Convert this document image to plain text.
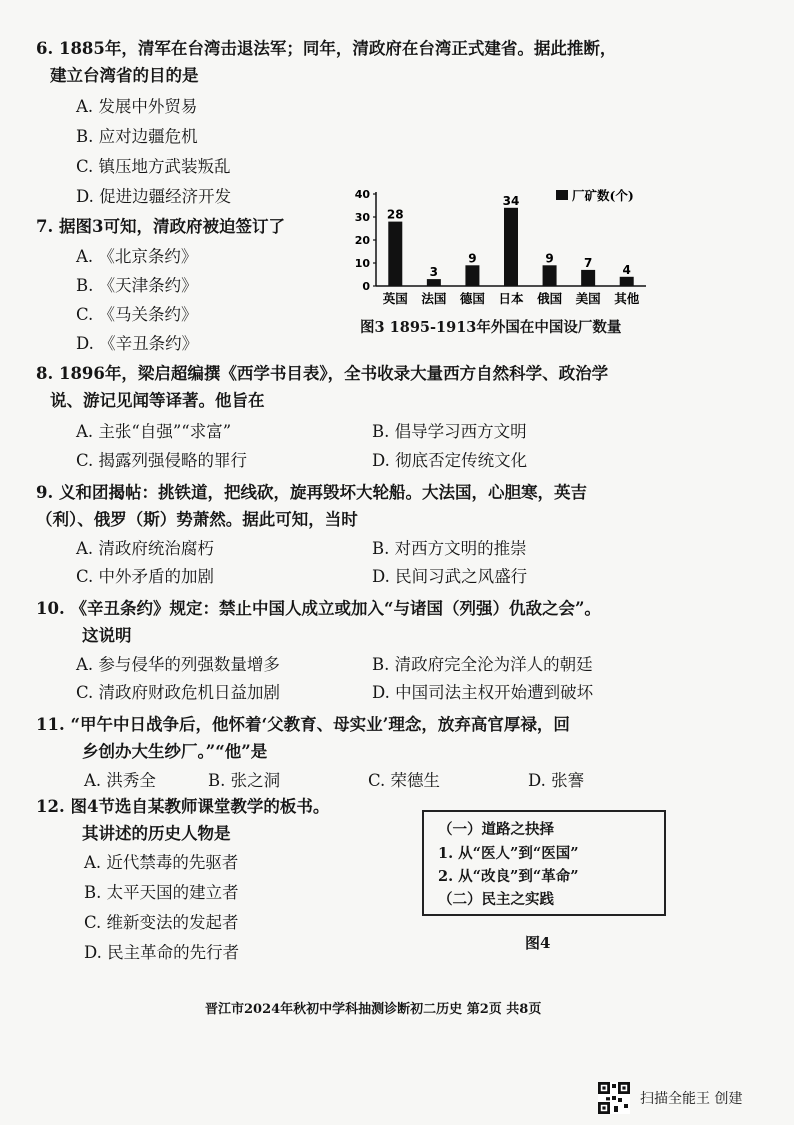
6. 1885年，清军在台湾击退法军；同年，清政府在台湾正式建省。据此推断，
建立台湾省的目的是
A. 发展中外贸易
B. 应对边疆危机
C. 镇压地方武装叛乱
D. 促进边疆经济开发
7. 据图3可知，清政府被迫签订了
A. 《北京条约》
B. 《天津条约》
C. 《马关条约》
D. 《辛丑条约》
0
10
20
30
40
28
英国
3
法国
9
德国
34
日本
9
俄国
7
美国
4
其他
厂矿数(个)
图3 1895-1913年外国在中国设厂数量
8. 1896年，梁启超编撰《西学书目表》，全书收录大量西方自然科学、政治学
说、游记见闻等译著。他旨在
A. 主张“自强”“求富”	B. 倡导学习西方文明
C. 揭露列强侵略的罪行	D. 彻底否定传统文化
9. 义和团揭帖：挑铁道，把线砍，旋再毁坏大轮船。大法国，心胆寒，英吉
（利）、俄罗（斯）势萧然。据此可知，当时
A. 清政府统治腐朽	B. 对西方文明的推崇
C. 中外矛盾的加剧	D. 民间习武之风盛行
10. 《辛丑条约》规定：禁止中国人成立或加入“与诸国（列强）仇敌之会”。
这说明
A. 参与侵华的列强数量增多	B. 清政府完全沦为洋人的朝廷
C. 清政府财政危机日益加剧	D. 中国司法主权开始遭到破坏
11. “甲午中日战争后，他怀着‘父教育、母实业’理念，放弃高官厚禄，回
乡创办大生纱厂。”“他”是
A. 洪秀全	B. 张之洞	C. 荣德生	D. 张謇
12. 图4节选自某教师课堂教学的板书。
其讲述的历史人物是
A. 近代禁毒的先驱者
B. 太平天国的建立者
C. 维新变法的发起者
D. 民主革命的先行者
（一）道路之抉择
1. 从“医人”到“医国”
2. 从“改良”到“革命”
（二）民主之实践
图4
晋江市2024年秋初中学科抽测诊断初二历史 第2页 共8页
扫描全能王 创建
